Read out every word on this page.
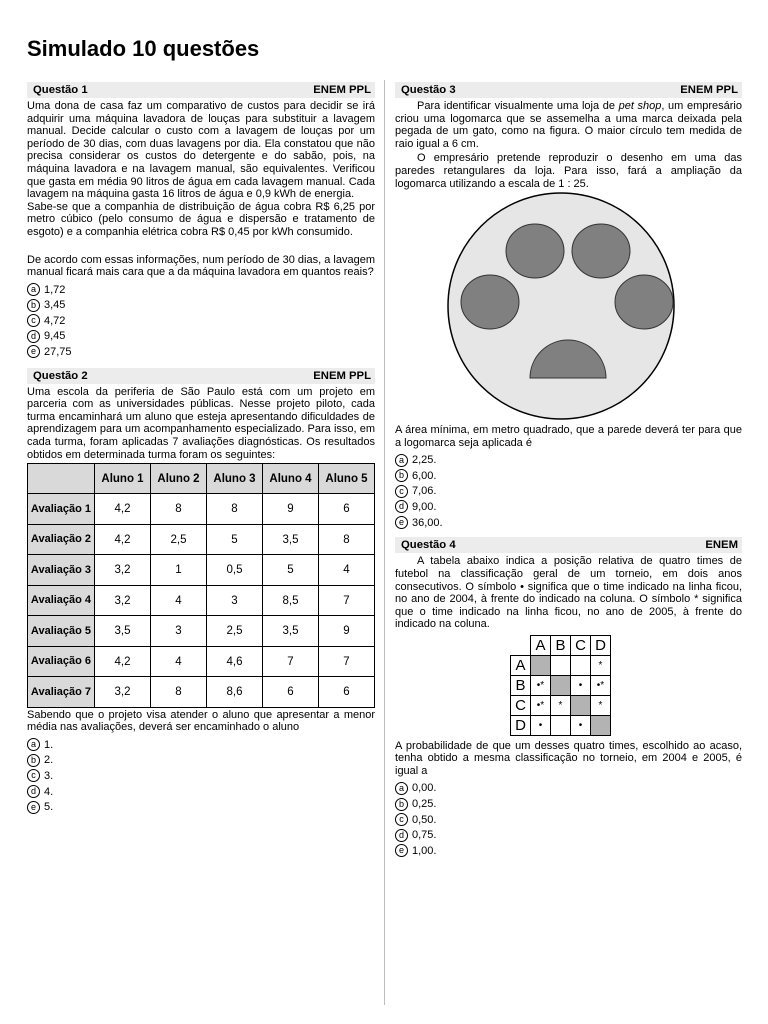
Simulado 10 questões
Questão 1	ENEM PPL

Uma dona de casa faz um comparativo de custos para decidir se irá adquirir uma máquina lavadora de louças para substituir a lavagem manual. Decide calcular o custo com a lavagem de louças por um período de 30 dias, com duas lavagens por dia. Ela constatou que não precisa considerar os custos do detergente e do sabão, pois, na máquina lavadora e na lavagem manual, são equivalentes. Verificou que gasta em média 90 litros de água em cada lavagem manual. Cada lavagem na máquina gasta 16 litros de água e 0,9 kWh de energia.

Sabe-se que a companhia de distribuição de água cobra R$ 6,25 por metro cúbico (pelo consumo de água e dispersão e tratamento de esgoto) e a companhia elétrica cobra R$ 0,45 por kWh consumido.

De acordo com essas informações, num período de 30 dias, a lavagem manual ficará mais cara que a da máquina lavadora em quantos reais?

a 1,72
b 3,45
c 4,72
d 9,45
e 27,75
Questão 2	ENEM PPL

Uma escola da periferia de São Paulo está com um projeto em parceria com as universidades públicas. Nesse projeto piloto, cada turma encaminhará um aluno que esteja apresentando dificuldades de aprendizagem para um acompanhamento especializado. Para isso, em cada turma, foram aplicadas 7 avaliações diagnósticas. Os resultados obtidos em determinada turma foram os seguintes:

	Aluno 1	Aluno 2	Aluno 3	Aluno 4	Aluno 5
Avaliação 1	4,2	8	8	9	6
Avaliação 2	4,2	2,5	5	3,5	8
Avaliação 3	3,2	1	0,5	5	4
Avaliação 4	3,2	4	3	8,5	7
Avaliação 5	3,5	3	2,5	3,5	9
Avaliação 6	4,2	4	4,6	7	7
Avaliação 7	3,2	8	8,6	6	6

Sabendo que o projeto visa atender o aluno que apresentar a menor média nas avaliações, deverá ser encaminhado o aluno

a 1.
b 2.
c 3.
d 4.
e 5.
Questão 3	ENEM PPL

Para identificar visualmente uma loja de pet shop, um empresário criou uma logomarca que se assemelha a uma marca deixada pela pegada de um gato, como na figura. O maior círculo tem medida de raio igual a 6 cm.

O empresário pretende reproduzir o desenho em uma das paredes retangulares da loja. Para isso, fará a ampliação da logomarca utilizando a escala de 1 : 25.

A área mínima, em metro quadrado, que a parede deverá ter para que a logomarca seja aplicada é

a 2,25.
b 6,00.
c 7,06.
d 9,00.
e 36,00.
Questão 4	ENEM

A tabela abaixo indica a posição relativa de quatro times de futebol na classificação geral de um torneio, em dois anos consecutivos. O símbolo • significa que o time indicado na linha ficou, no ano de 2004, à frente do indicado na coluna. O símbolo * significa que o time indicado na linha ficou, no ano de 2005, à frente do indicado na coluna.

	A	B	C	D
A				*
B	•*		•	•*
C	•*	*		*
D	•		•	

A probabilidade de que um desses quatro times, escolhido ao acaso, tenha obtido a mesma classificação no torneio, em 2004 e 2005, é igual a

a 0,00.
b 0,25.
c 0,50.
d 0,75.
e 1,00.
